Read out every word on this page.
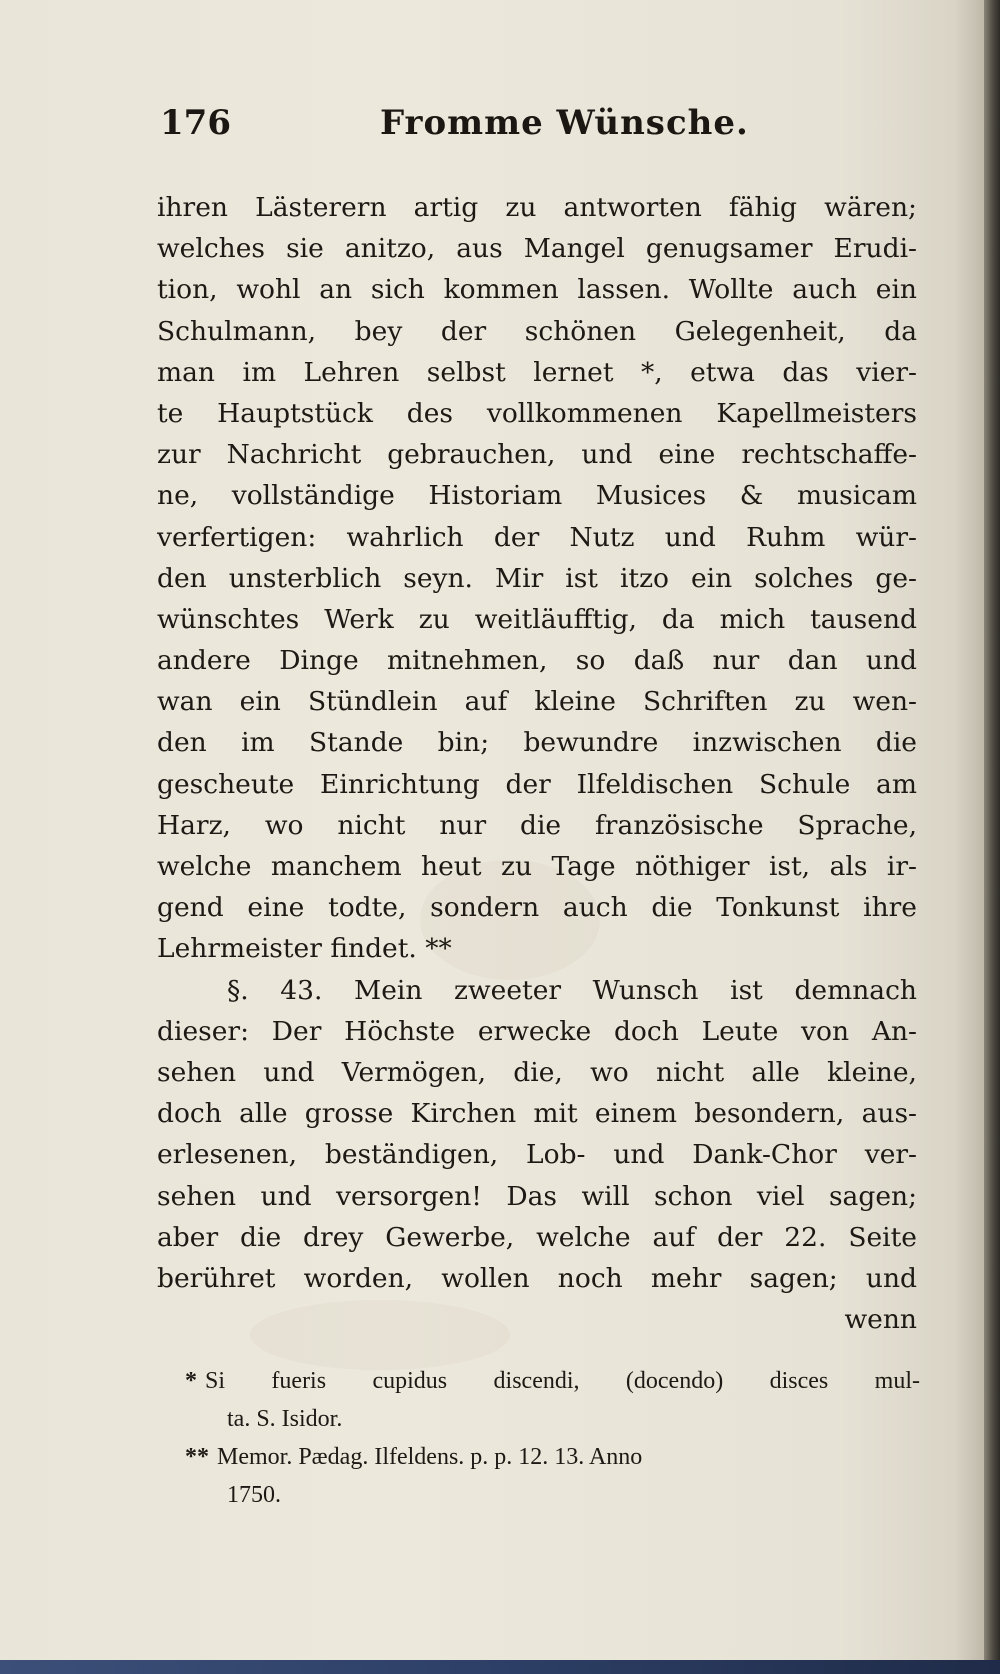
176	Fromme Wünsche.
ihren Lästerern artig zu antworten fähig wären;
welches sie anitzo, aus Mangel genugsamer Erudi-
tion, wohl an sich kommen lassen. Wollte auch ein
Schulmann, bey der schönen Gelegenheit, da
man im Lehren selbst lernet *, etwa das vier-
te Hauptstück des vollkommenen Kapellmeisters
zur Nachricht gebrauchen, und eine rechtschaffe-
ne, vollständige Historiam Musices & musicam
verfertigen: wahrlich der Nutz und Ruhm wür-
den unsterblich seyn. Mir ist itzo ein solches ge-
wünschtes Werk zu weitläufftig, da mich tausend
andere Dinge mitnehmen, so daß nur dan und
wan ein Stündlein auf kleine Schriften zu wen-
den im Stande bin; bewundre inzwischen die
gescheute Einrichtung der Ilfeldischen Schule am
Harz, wo nicht nur die französische Sprache,
welche manchem heut zu Tage nöthiger ist, als ir-
gend eine todte, sondern auch die Tonkunst ihre
Lehrmeister findet. **
§. 43. Mein zweeter Wunsch ist demnach
dieser: Der Höchste erwecke doch Leute von An-
sehen und Vermögen, die, wo nicht alle kleine,
doch alle grosse Kirchen mit einem besondern, aus-
erlesenen, beständigen, Lob- und Dank-Chor ver-
sehen und versorgen! Das will schon viel sagen;
aber die drey Gewerbe, welche auf der 22. Seite
berühret worden, wollen noch mehr sagen; und
wenn
* Si fueris cupidus discendi, (docendo) disces mul-
ta. S. Isidor.
** Memor. Pædag. Ilfeldens. p. p. 12. 13. Anno
1750.
